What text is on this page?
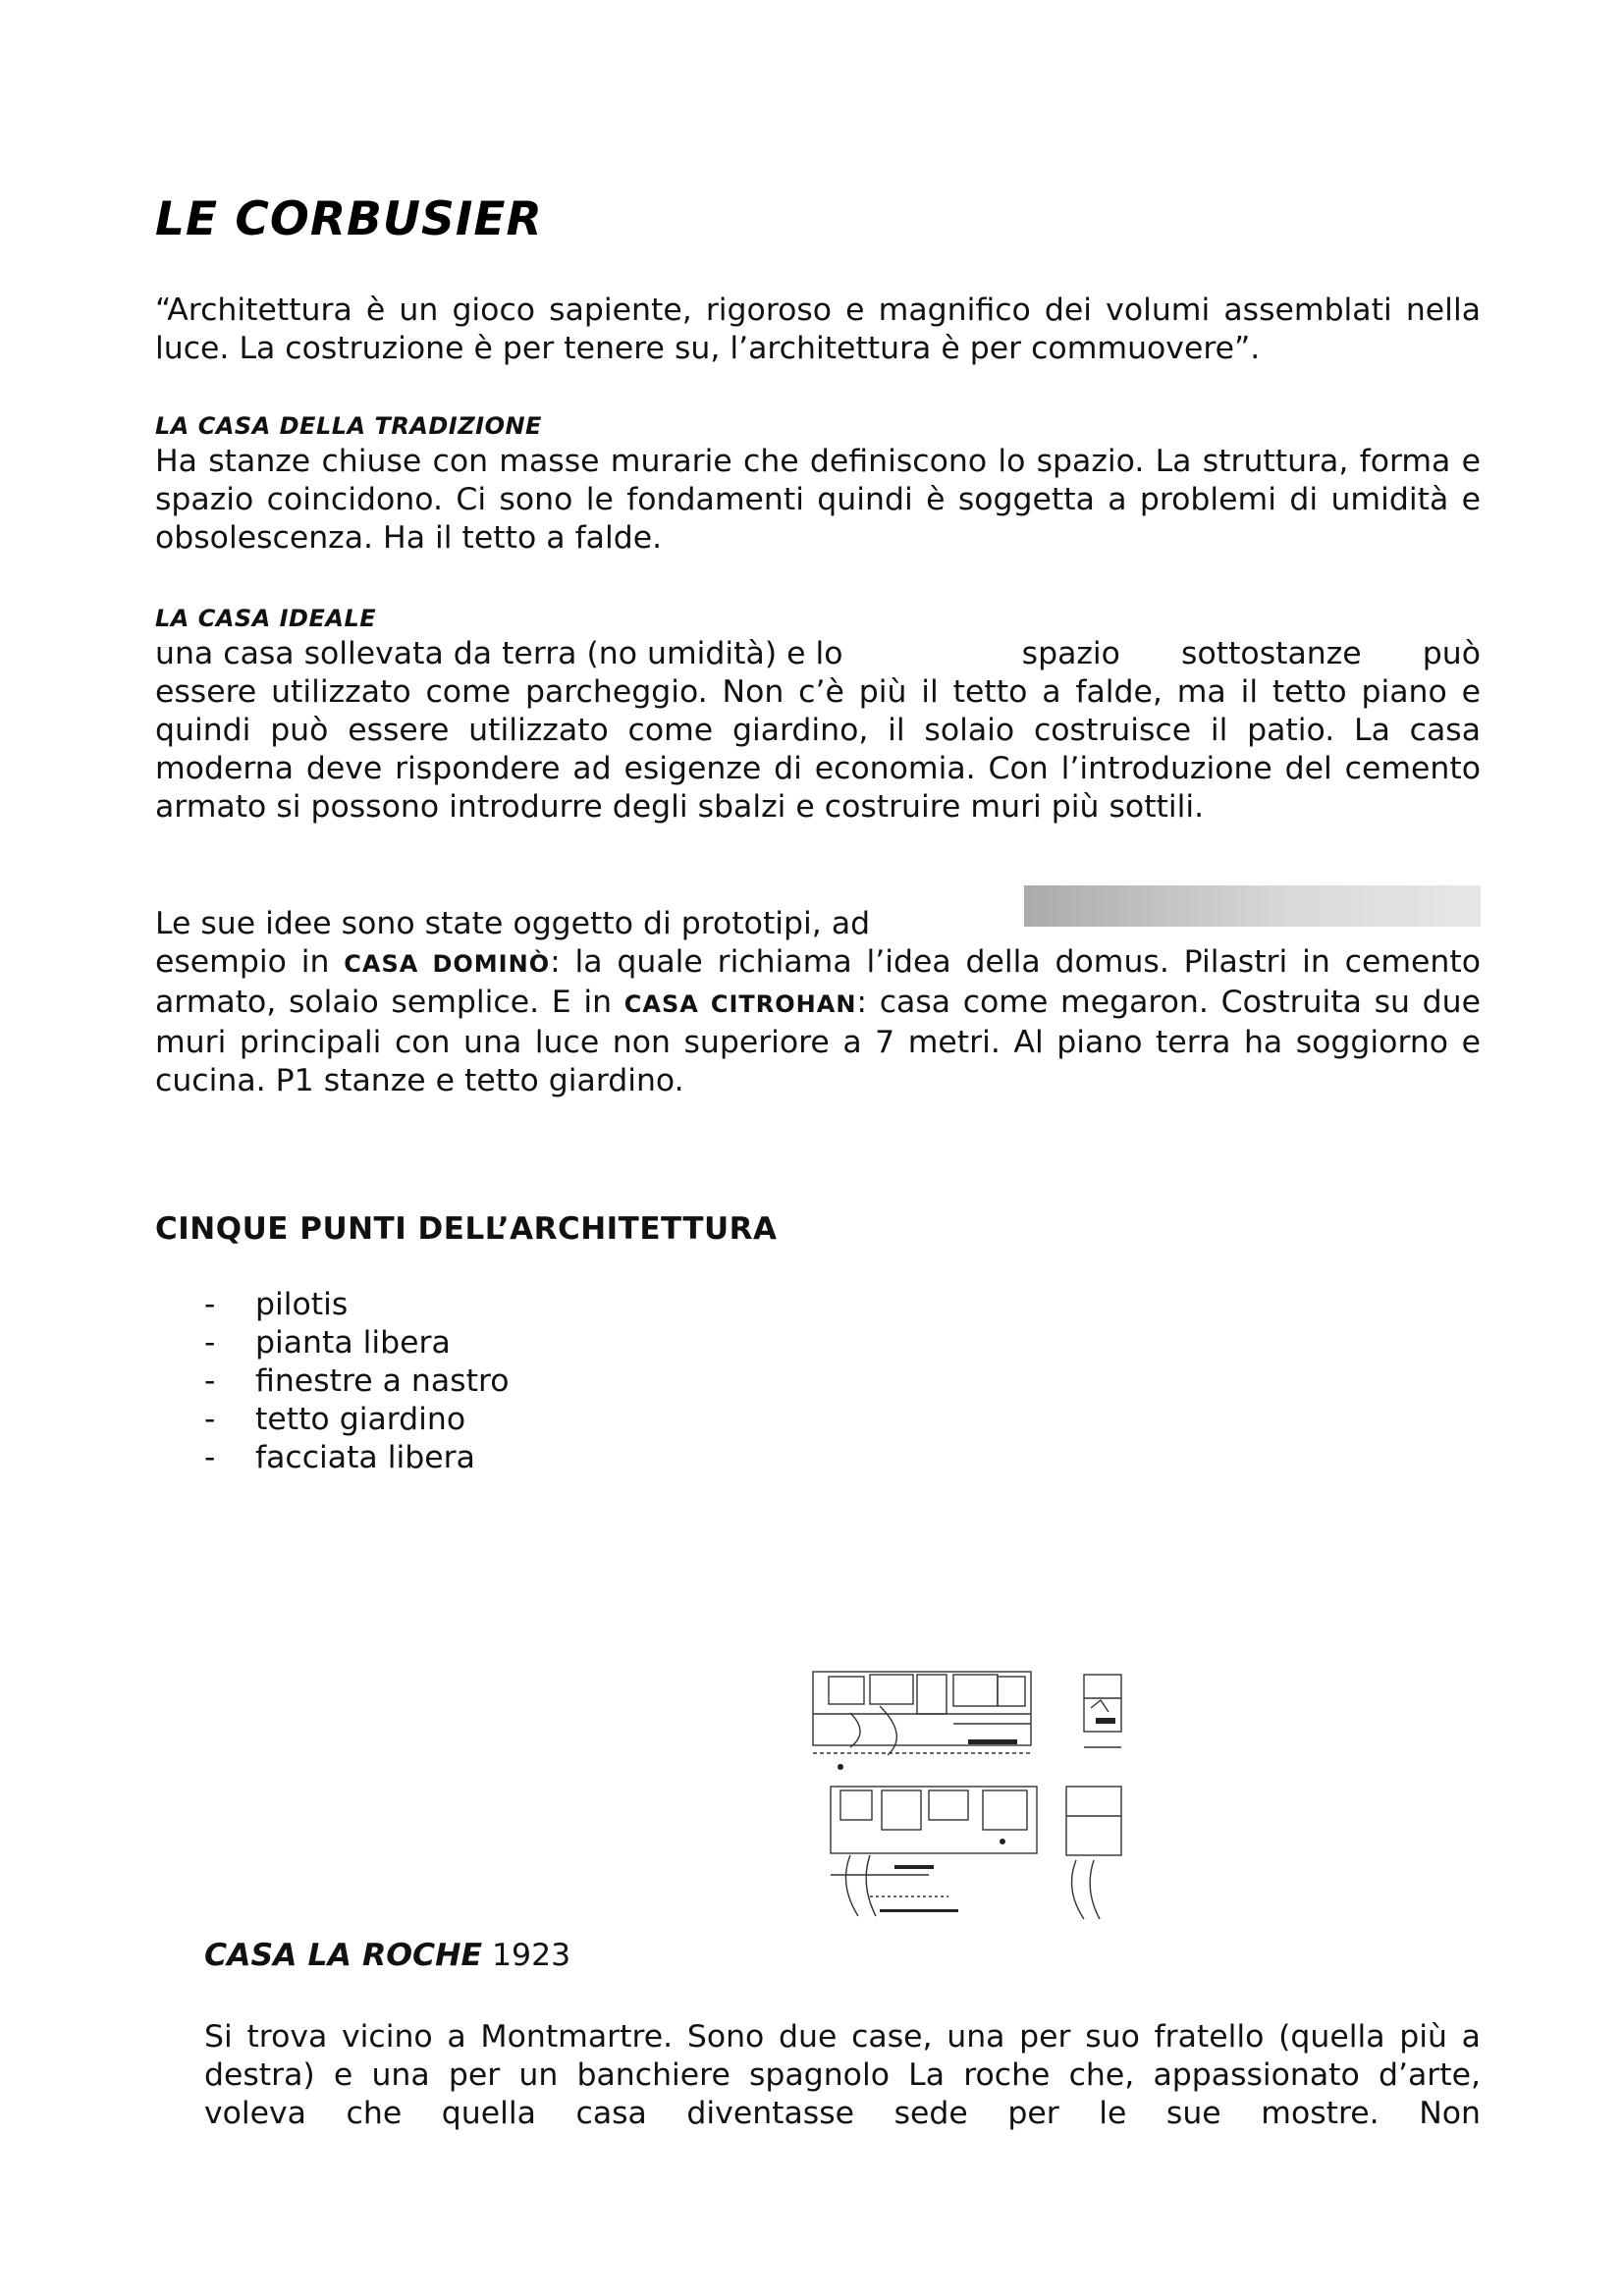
LE CORBUSIER

“Architettura è un gioco sapiente, rigoroso e magnifico dei volumi assemblati nella luce. La costruzione è per tenere su, l’architettura è per commuovere”.

LA CASA DELLA TRADIZIONE

Ha stanze chiuse con masse murarie che definiscono lo spazio. La struttura, forma e spazio coincidono. Ci sono le fondamenti quindi è soggetta a problemi di umidità e obsolescenza. Ha il tetto a falde.

LA CASA IDEALE

una casa sollevata da terra (no umidità) e lo	spazio sottostanze può
essere utilizzato come parcheggio. Non c’è più il tetto a falde, ma il tetto piano e quindi può essere utilizzato come giardino, il solaio costruisce il patio. La casa moderna deve rispondere ad esigenze di economia. Con l’introduzione del cemento armato si possono introdurre degli sbalzi e costruire muri più sottili.

Le sue idee sono state oggetto di prototipi, ad

esempio in CASA DOMINÒ: la quale richiama l’idea della domus. Pilastri in cemento armato, solaio semplice. E in CASA CITROHAN: casa come megaron. Costruita su due muri principali con una luce non superiore a 7 metri. Al piano terra ha soggiorno e cucina. P1 stanze e tetto giardino.

CINQUE PUNTI DELL’ARCHITETTURA
- pilotis
- pianta libera
- finestre a nastro
- tetto giardino
- facciata libera

CASA LA ROCHE 1923

Si trova vicino a Montmartre. Sono due case, una per suo fratello (quella più a destra) e una per un banchiere spagnolo La roche che, appassionato d’arte, voleva che quella casa diventasse sede per le sue mostre. Non
